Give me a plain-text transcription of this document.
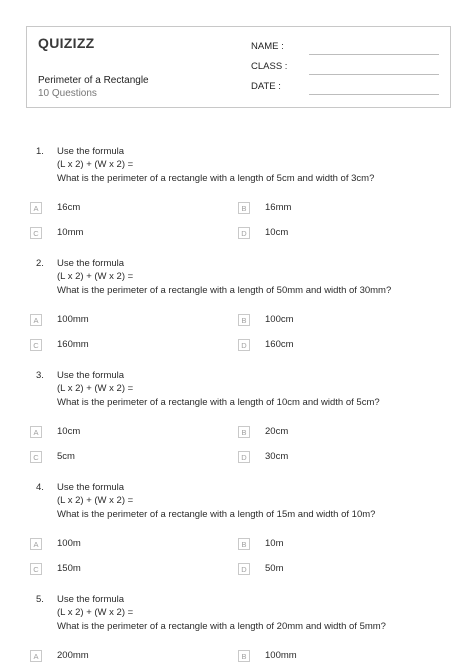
QUIZIZZ
Perimeter of a Rectangle
10 Questions
NAME :
CLASS :
DATE :
1. Use the formula
(L x 2) + (W x 2) =
What is the perimeter of a rectangle with a length of 5cm and width of 3cm?
A	16cm	B	16mm
C	10mm	D	10cm
2. Use the formula
(L x 2) + (W x 2) =
What is the perimeter of a rectangle with a length of 50mm and width of 30mm?
A	100mm	B	100cm
C	160mm	D	160cm
3. Use the formula
(L x 2) + (W x 2) =
What is the perimeter of a rectangle with a length of 10cm and width of 5cm?
A	10cm	B	20cm
C	5cm	D	30cm
4. Use the formula
(L x 2) + (W x 2) =
What is the perimeter of a rectangle with a length of 15m and width of 10m?
A	100m	B	10m
C	150m	D	50m
5. Use the formula
(L x 2) + (W x 2) =
What is the perimeter of a rectangle with a length of 20mm and width of 5mm?
A	200mm	B	100mm
